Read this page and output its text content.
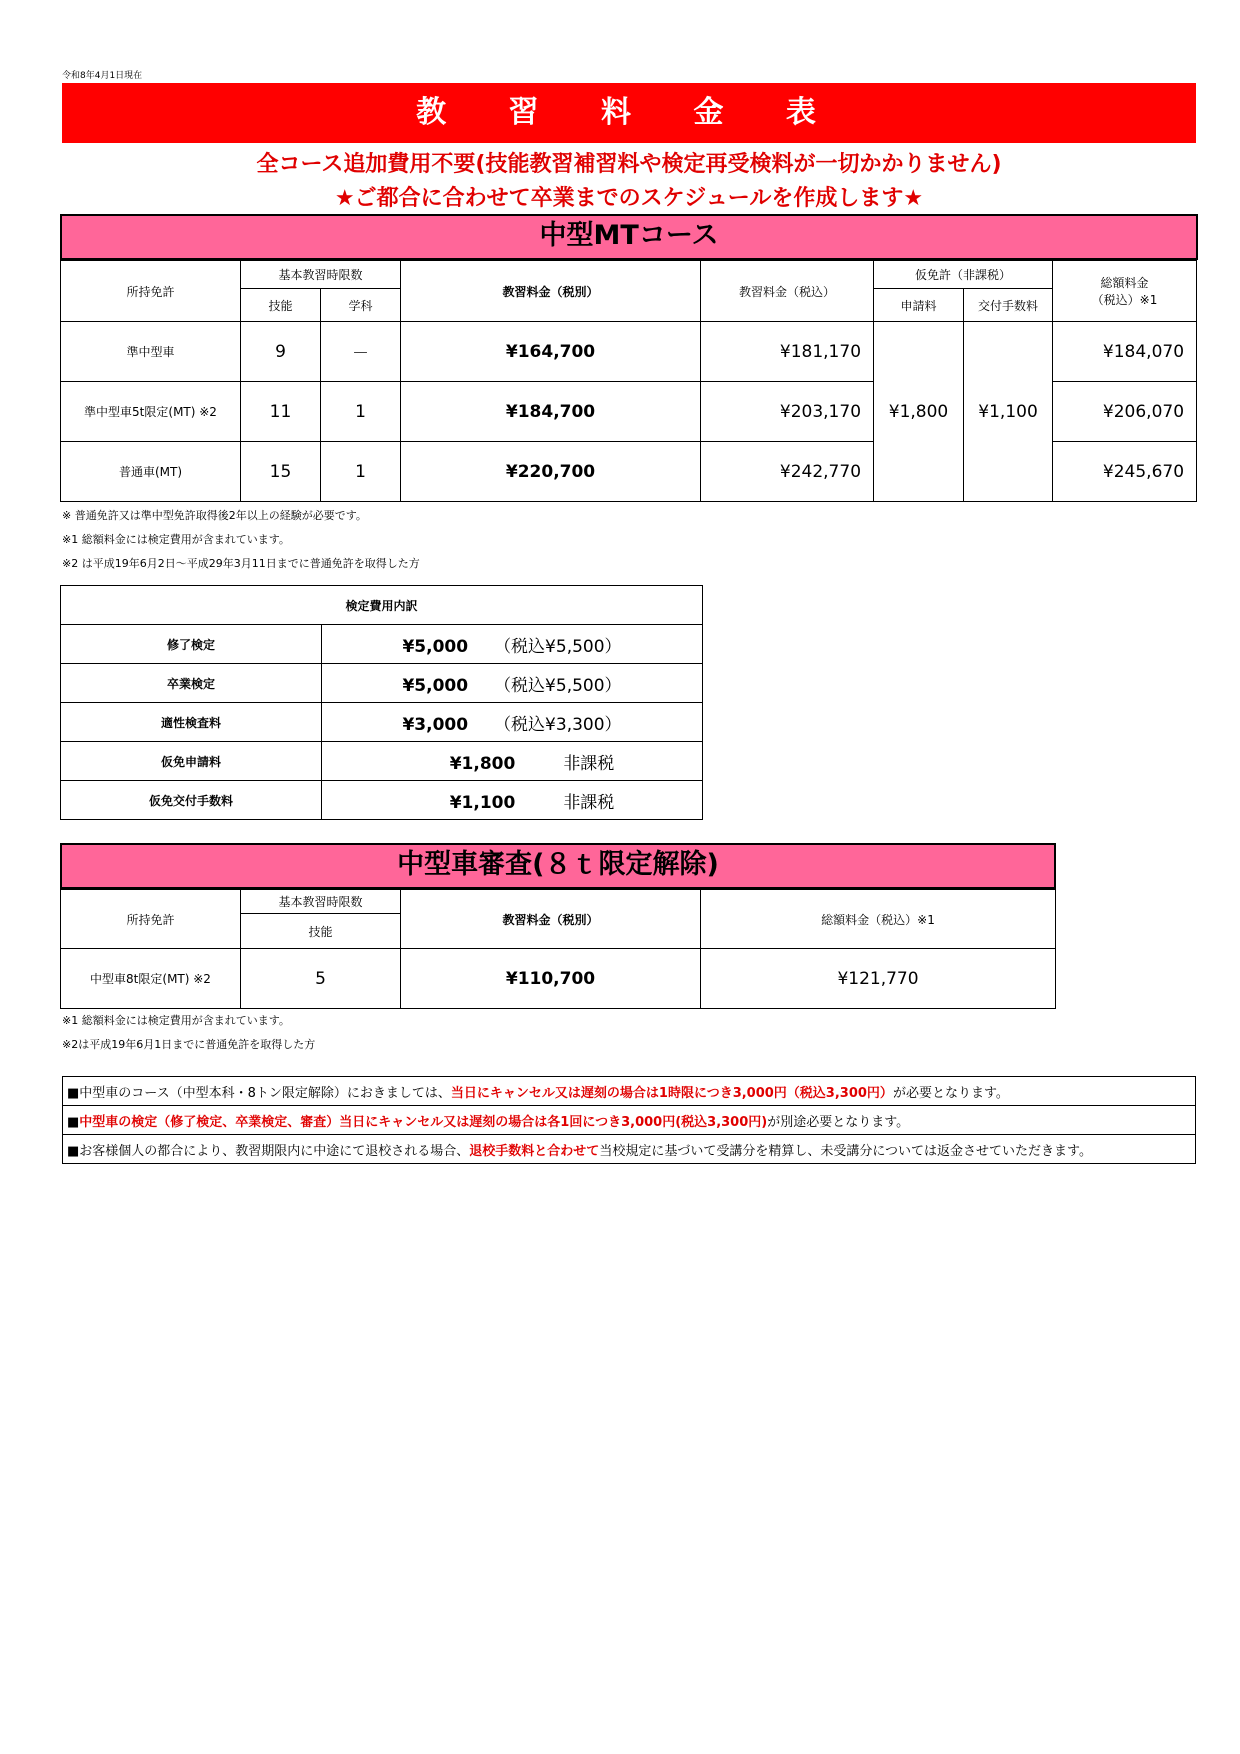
令和8年4月1日現在
教 習 料 金 表
全コース追加費用不要(技能教習補習料や検定再受検料が一切かかりません)
★ご都合に合わせて卒業までのスケジュールを作成します★
中型MTコース
所持免許	基本教習時限数		教習料金（税別）	教習料金（税込）	仮免許（非課税）		総額料金
（税込）※1

	技能	学科			申請料	交付手数料	
準中型車	9	－	¥164,700	¥181,170	¥1,800	¥1,100	¥184,070
準中型車5t限定(MT) ※2	11	1	¥184,700	¥203,170			¥206,070
普通車(MT)	15	1	¥220,700	¥242,770			¥245,670
※ 普通免許又は準中型免許取得後2年以上の経験が必要です。
※1 総額料金には検定費用が含まれています。
※2 は平成19年6月2日～平成29年3月11日までに普通免許を取得した方
検定費用内訳	
修了検定	¥5,000 （税込¥5,500）
卒業検定	¥5,000 （税込¥5,500）
適性検査料	¥3,000 （税込¥3,300）
仮免申請料	¥1,800 非課税
仮免交付手数料	¥1,100 非課税
中型車審査(８ｔ限定解除)
所持免許	基本教習時限数	教習料金（税別）	総額料金（税込）※1
	技能		
中型車8t限定(MT) ※2	5	¥110,700	¥121,770
※1 総額料金には検定費用が含まれています。
※2は平成19年6月1日までに普通免許を取得した方
■中型車のコース（中型本科・8トン限定解除）におきましては、当日にキャンセル又は遅刻の場合は1時限につき3,000円（税込3,300円）が必要となります。
■中型車の検定（修了検定、卒業検定、審査）当日にキャンセル又は遅刻の場合は各1回につき3,000円(税込3,300円)が別途必要となります。
■お客様個人の都合により、教習期限内に中途にて退校される場合、退校手数料と合わせて当校規定に基づいて受講分を精算し、未受講分については返金させていただきます。
